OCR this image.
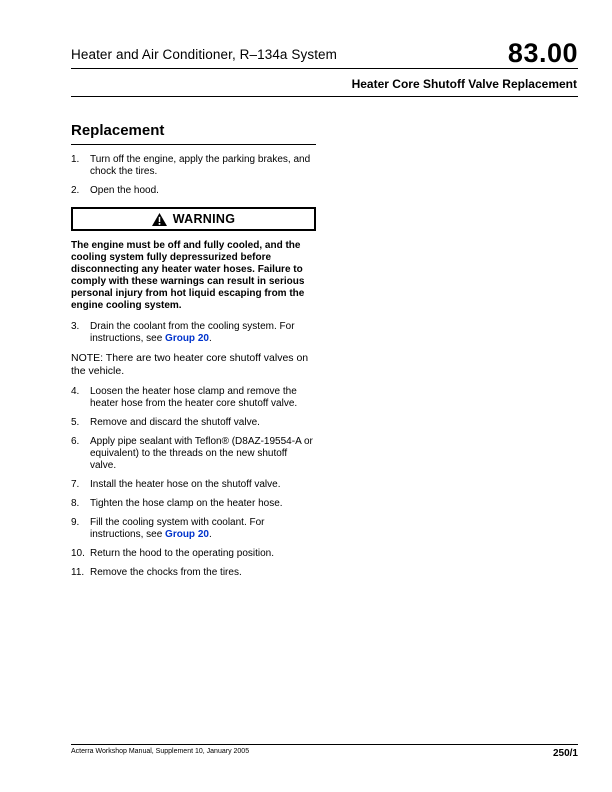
Heater and Air Conditioner, R–134a System	83.00
Heater Core Shutoff Valve Replacement
Replacement
1.	Turn off the engine, apply the parking brakes, and chock the tires.
2.	Open the hood.
WARNING

The engine must be off and fully cooled, and the cooling system fully depressurized before disconnecting any heater water hoses. Failure to comply with these warnings can result in serious personal injury from hot liquid escaping from the engine cooling system.

3.	Drain the coolant from the cooling system. For instructions, see Group 20.
NOTE: There are two heater core shutoff valves on the vehicle.
4.	Loosen the heater hose clamp and remove the heater hose from the heater core shutoff valve.
5.	Remove and discard the shutoff valve.
6.	Apply pipe sealant with Teflon® (D8AZ-19554-A or equivalent) to the threads on the new shutoff valve.
7.	Install the heater hose on the shutoff valve.
8.	Tighten the hose clamp on the heater hose.
9.	Fill the cooling system with coolant. For instructions, see Group 20.
10. Return the hood to the operating position.
11. Remove the chocks from the tires.
Acterra Workshop Manual, Supplement 10, January 2005	250/1
